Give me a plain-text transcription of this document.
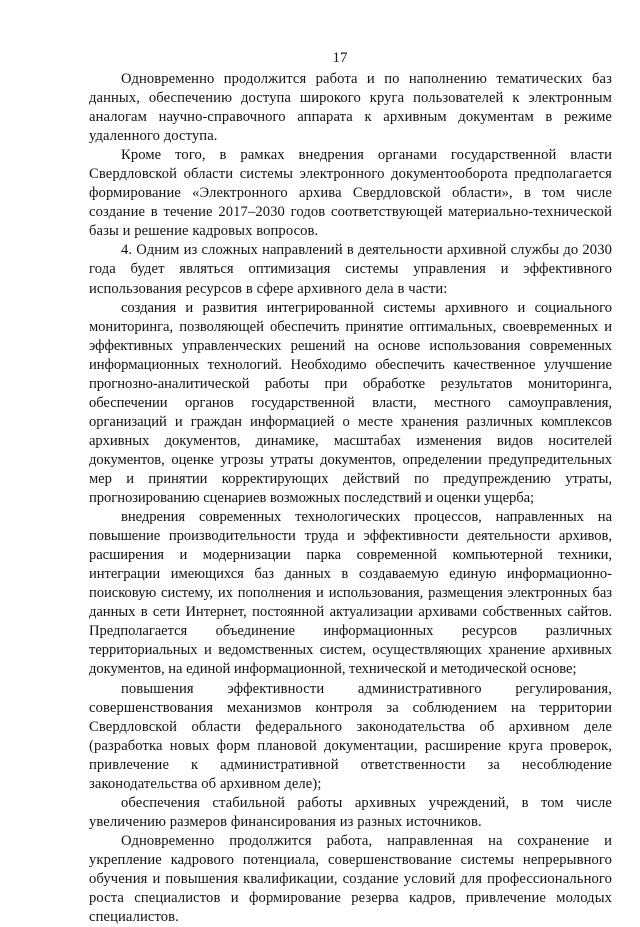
17

Одновременно продолжится работа и по наполнению тематических баз данных, обеспечению доступа широкого круга пользователей к электронным аналогам научно-справочного аппарата к архивным документам в режиме удаленного доступа.

Кроме того, в рамках внедрения органами государственной власти Свердловской области системы электронного документооборота предполагается формирование «Электронного архива Свердловской области», в том числе создание в течение 2017–2030 годов соответствующей материально-технической базы и решение кадровых вопросов.

4. Одним из сложных направлений в деятельности архивной службы до 2030 года будет являться оптимизация системы управления и эффективного использования ресурсов в сфере архивного дела в части:

создания и развития интегрированной системы архивного и социального мониторинга, позволяющей обеспечить принятие оптимальных, своевременных и эффективных управленческих решений на основе использования современных информационных технологий. Необходимо обеспечить качественное улучшение прогнозно-аналитической работы при обработке результатов мониторинга, обеспечении органов государственной власти, местного самоуправления, организаций и граждан информацией о месте хранения различных комплексов архивных документов, динамике, масштабах изменения видов носителей документов, оценке угрозы утраты документов, определении предупредительных мер и принятии корректирующих действий по предупреждению утраты, прогнозированию сценариев возможных последствий и оценки ущерба;

внедрения современных технологических процессов, направленных на повышение производительности труда и эффективности деятельности архивов, расширения и модернизации парка современной компьютерной техники, интеграции имеющихся баз данных в создаваемую единую информационно-поисковую систему, их пополнения и использования, размещения электронных баз данных в сети Интернет, постоянной актуализации архивами собственных сайтов. Предполагается объединение информационных ресурсов различных территориальных и ведомственных систем, осуществляющих хранение архивных документов, на единой информационной, технической и методической основе;

повышения эффективности административного регулирования, совершенствования механизмов контроля за соблюдением на территории Свердловской области федерального законодательства об архивном деле (разработка новых форм плановой документации, расширение круга проверок, привлечение к административной ответственности за несоблюдение законодательства об архивном деле);

обеспечения стабильной работы архивных учреждений, в том числе увеличению размеров финансирования из разных источников.

Одновременно продолжится работа, направленная на сохранение и укрепление кадрового потенциала, совершенствование системы непрерывного обучения и повышения квалификации, создание условий для профессионального роста специалистов и формирование резерва кадров, привлечение молодых специалистов.
